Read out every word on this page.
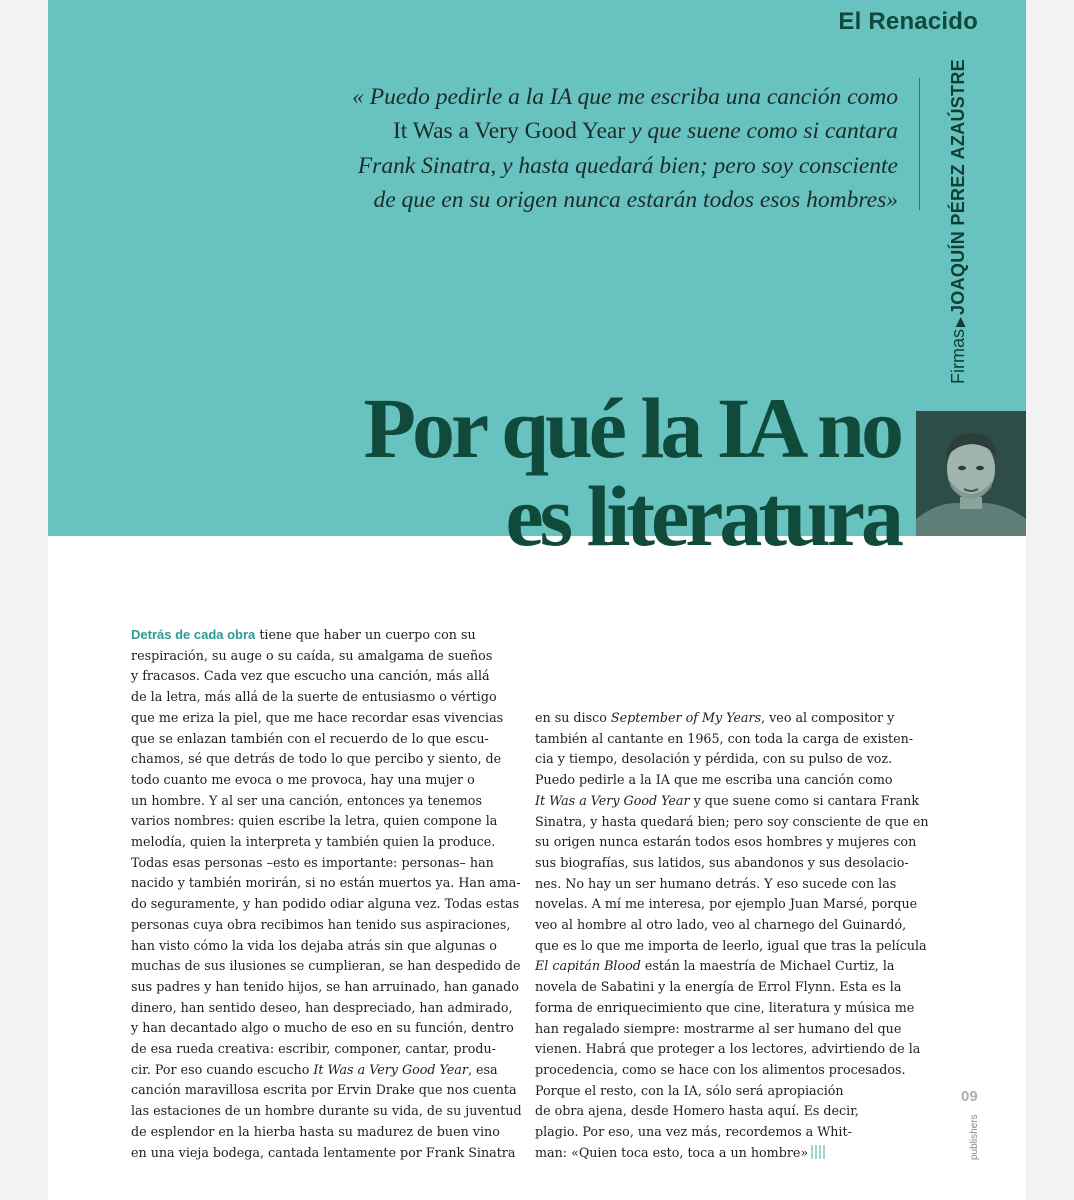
El Renacido
« Puedo pedirle a la IA que me escriba una canción como
It Was a Very Good Year y que suene como si cantara
Frank Sinatra, y hasta quedará bien; pero soy consciente
de que en su origen nunca estarán todos esos hombres»
Firmas▶JOAQUÍN PÉREZ AZAÚSTRE
Por qué la IA no
es literatura
Detrás de cada obra tiene que haber un cuerpo con su
respiración, su auge o su caída, su amalgama de sueños
y fracasos. Cada vez que escucho una canción, más allá
de la letra, más allá de la suerte de entusiasmo o vértigo
que me eriza la piel, que me hace recordar esas vivencias
que se enlazan también con el recuerdo de lo que escu-
chamos, sé que detrás de todo lo que percibo y siento, de
todo cuanto me evoca o me provoca, hay una mujer o
un hombre. Y al ser una canción, entonces ya tenemos
varios nombres: quien escribe la letra, quien compone la
melodía, quien la interpreta y también quien la produce.
Todas esas personas –esto es importante: personas– han
nacido y también morirán, si no están muertos ya. Han ama-
do seguramente, y han podido odiar alguna vez. Todas estas
personas cuya obra recibimos han tenido sus aspiraciones,
han visto cómo la vida los dejaba atrás sin que algunas o
muchas de sus ilusiones se cumplieran, se han despedido de
sus padres y han tenido hijos, se han arruinado, han ganado
dinero, han sentido deseo, han despreciado, han admirado,
y han decantado algo o mucho de eso en su función, dentro
de esa rueda creativa: escribir, componer, cantar, produ-
cir. Por eso cuando escucho It Was a Very Good Year, esa
canción maravillosa escrita por Ervin Drake que nos cuenta
las estaciones de un hombre durante su vida, de su juventud
de esplendor en la hierba hasta su madurez de buen vino
en una vieja bodega, cantada lentamente por Frank Sinatra
en su disco September of My Years, veo al compositor y
también al cantante en 1965, con toda la carga de existen-
cia y tiempo, desolación y pérdida, con su pulso de voz.
Puedo pedirle a la IA que me escriba una canción como
It Was a Very Good Year y que suene como si cantara Frank
Sinatra, y hasta quedará bien; pero soy consciente de que en
su origen nunca estarán todos esos hombres y mujeres con
sus biografías, sus latidos, sus abandonos y sus desolacio-
nes. No hay un ser humano detrás. Y eso sucede con las
novelas. A mí me interesa, por ejemplo Juan Marsé, porque
veo al hombre al otro lado, veo al charnego del Guinardó,
que es lo que me importa de leerlo, igual que tras la película
El capitán Blood están la maestría de Michael Curtiz, la
novela de Sabatini y la energía de Errol Flynn. Esta es la
forma de enriquecimiento que cine, literatura y música me
han regalado siempre: mostrarme al ser humano del que
vienen. Habrá que proteger a los lectores, advirtiendo de la
procedencia, como se hace con los alimentos procesados.
Porque el resto, con la IA, sólo será apropiación
de obra ajena, desde Homero hasta aquí. Es decir,
plagio. Por eso, una vez más, recordemos a Whit-
man: «Quien toca esto, toca a un hombre»
09
publishers
